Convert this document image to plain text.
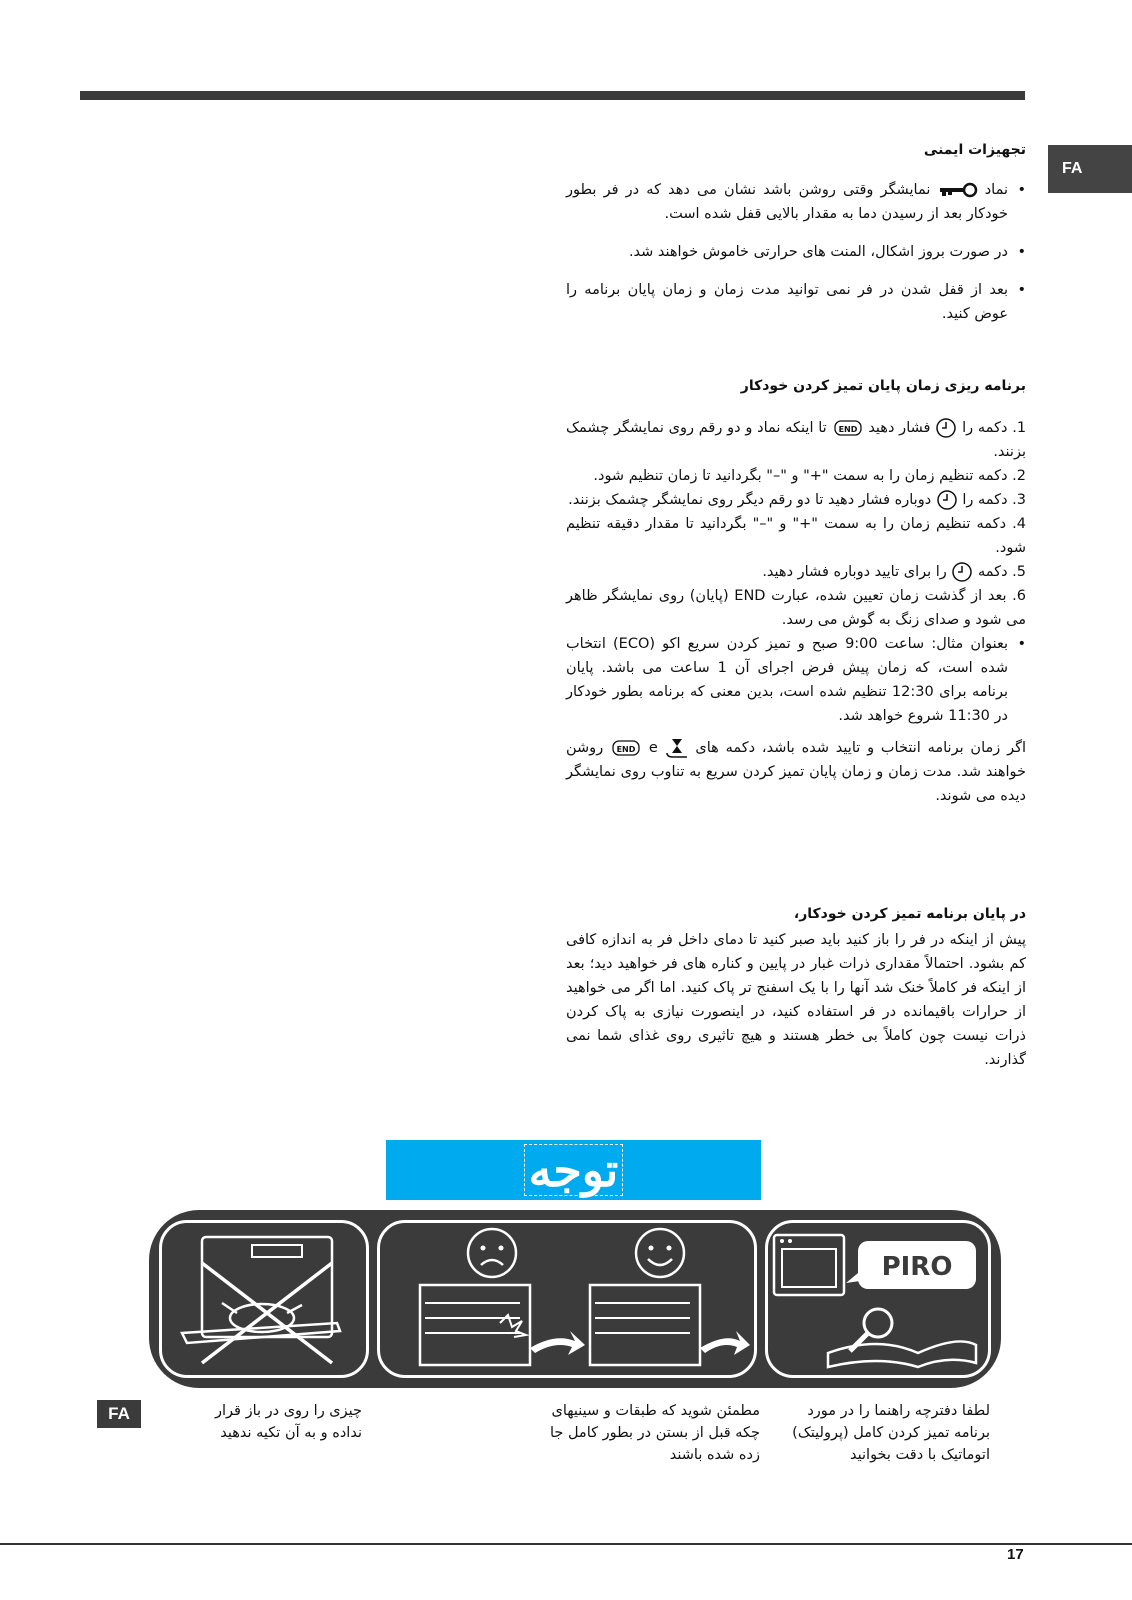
FA
تجهیزات ایمنی
• نماد  نمایشگر وقتی روشن باشد نشان می دهد که در فر بطور خودکار بعد از رسیدن دما به مقدار بالایی قفل شده است.
• در صورت بروز اشکال، المنت های حرارتی خاموش خواهند شد.
• بعد از قفل شدن در فر نمی توانید مدت زمان و زمان پایان برنامه را عوض کنید.
برنامه ریزی زمان پایان تمیز کردن خودکار
1. دکمه را  فشار دهید
END
تا اینکه نماد و دو رقم روی نمایشگر چشمک بزنند.
2. دکمه تنظیم زمان را به سمت "+" و "–" بگردانید تا زمان تنظیم شود.
3. دکمه را  دوباره فشار دهید تا دو رقم دیگر روی نمایشگر چشمک بزنند.
4. دکمه تنظیم زمان را به سمت "+" و "–" بگردانید تا مقدار دقیقه تنظیم شود.
5. دکمه  را برای تایید دوباره فشار دهید.
6. بعد از گذشت زمان تعیین شده، عبارت END (پایان) روی نمایشگر ظاهر می شود و صدای زنگ به گوش می رسد.
• بعنوان مثال: ساعت 9:00 صبح و تمیز کردن سریع اکو (ECO) انتخاب شده است، که زمان پیش فرض اجرای آن 1 ساعت می باشد. پایان برنامه برای 12:30 تنظیم شده است، بدین معنی که برنامه بطور خودکار در 11:30 شروع خواهد شد.
اگر زمان برنامه انتخاب و تایید شده باشد، دکمه های  e
END
روشن خواهند شد. مدت زمان و زمان پایان تمیز کردن سریع به تناوب روی نمایشگر دیده می شوند.
در پایان برنامه تمیز کردن خودکار،
پیش از اینکه در فر را باز کنید باید صبر کنید تا دمای داخل فر به اندازه کافی کم بشود. احتمالاً مقداری ذرات غبار در پایین و کناره های فر خواهید دید؛ بعد از اینکه فر کاملاً خنک شد آنها را با یک اسفنج تر پاک کنید. اما اگر می خواهید از حرارات باقیمانده در فر استفاده کنید، در اینصورت نیازی به پاک کردن ذرات نیست چون کاملاً بی خطر هستند و هیچ تاثیری روی غذای شما نمی گذارند.
توجه
PIRO
لطفا دفترچه راهنما را در مورد برنامه تمیز کردن کامل (پرولیتک) اتوماتیک با دقت بخوانید
مطمئن شوید که طبقات و سینیهای چکه قبل از بستن در بطور کامل جا زده شده باشند
چیزی را روی در باز قرار نداده و به آن تکیه ندهید
FA
17
